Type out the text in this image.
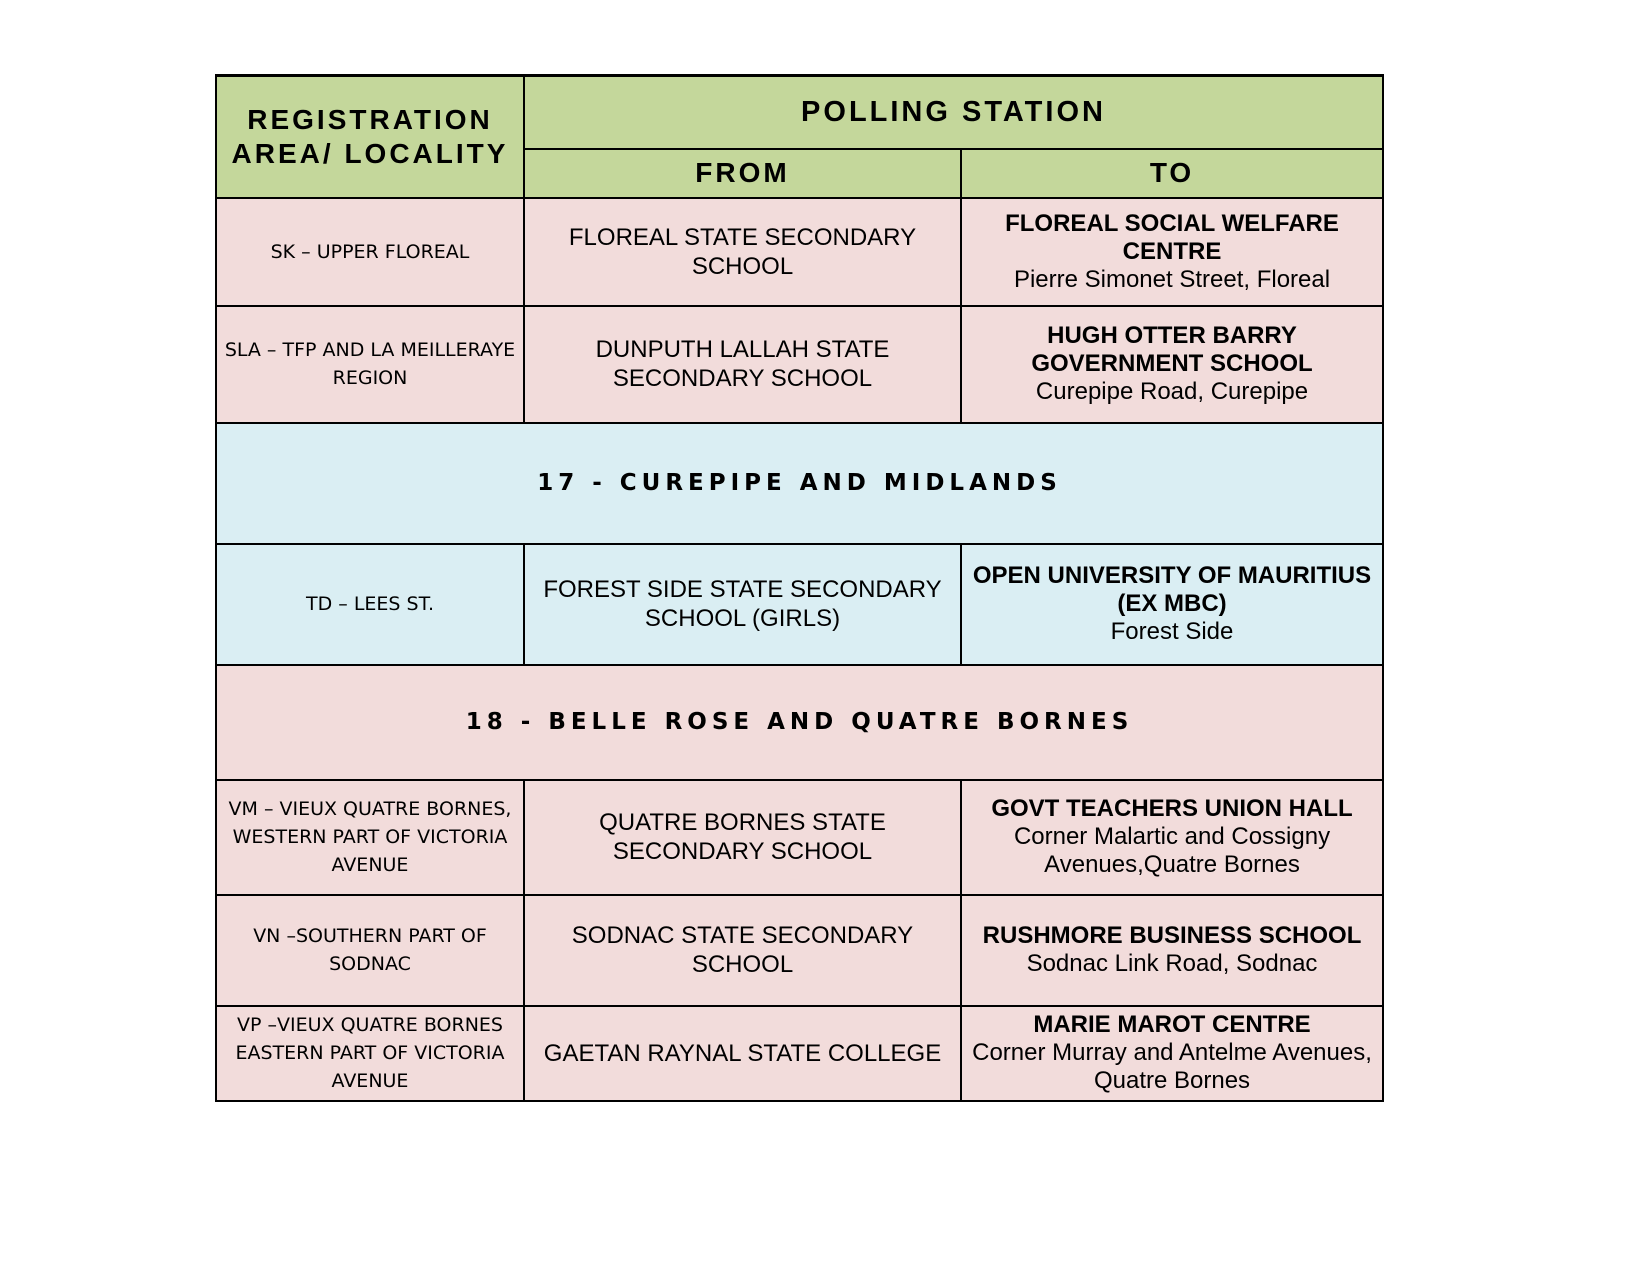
REGISTRATION AREA/ LOCALITY	POLLING STATION	
	FROM	TO
SK – UPPER FLOREAL	FLOREAL STATE SECONDARY SCHOOL	FLOREAL SOCIAL WELFARE CENTRE
Pierre Simonet Street, Floreal

SLA – TFP AND LA MEILLERAYE REGION	DUNPUTH LALLAH STATE SECONDARY SCHOOL	HUGH OTTER BARRY GOVERNMENT SCHOOL
Curepipe Road, Curepipe

17 - CUREPIPE AND MIDLANDS		
TD – LEES ST.	FOREST SIDE STATE SECONDARY SCHOOL (GIRLS)	OPEN UNIVERSITY OF MAURITIUS (EX MBC)
Forest Side

18 - BELLE ROSE AND QUATRE BORNES		
VM – VIEUX QUATRE BORNES, WESTERN PART OF VICTORIA AVENUE	QUATRE BORNES STATE SECONDARY SCHOOL	GOVT TEACHERS UNION HALL
Corner Malartic and Cossigny Avenues,Quatre Bornes

VN –SOUTHERN PART OF SODNAC	SODNAC STATE SECONDARY SCHOOL	RUSHMORE BUSINESS SCHOOL
Sodnac Link Road, Sodnac

VP –VIEUX QUATRE BORNES EASTERN PART OF VICTORIA AVENUE	GAETAN RAYNAL STATE COLLEGE	MARIE MAROT CENTRE
Corner Murray and Antelme Avenues, Quatre Bornes
